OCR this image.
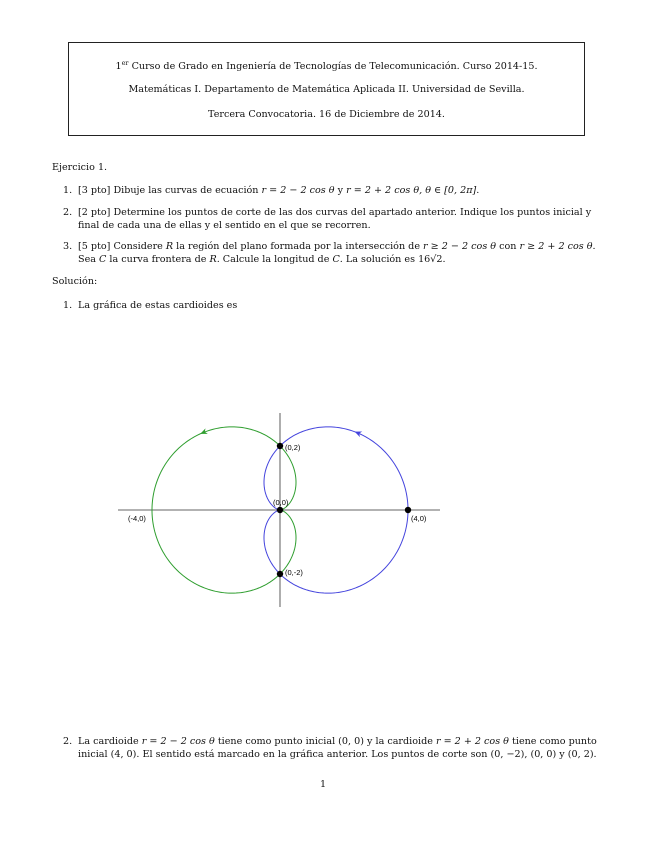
1er Curso de Grado en Ingeniería de Tecnologías de Telecomunicación. Curso 2014-15.
Matemáticas I. Departamento de Matemática Aplicada II. Universidad de Sevilla.
Tercera Convocatoria. 16 de Diciembre de 2014.
Ejercicio 1.
1. [3 pto] Dibuje las curvas de ecuación r = 2 − 2 cos θ y r = 2 + 2 cos θ, θ ∈ [0, 2π].
2. [2 pto] Determine los puntos de corte de las dos curvas del apartado anterior. Indique los puntos inicial y final de cada una de ellas y el sentido en el que se recorren.
3. [5 pto] Considere R la región del plano formada por la intersección de r ≥ 2 − 2 cos θ con r ≥ 2 + 2 cos θ. Sea C la curva frontera de R. Calcule la longitud de C. La solución es 16√2.
Solución:
1. La gráfica de estas cardioides es
(0,2)
(0,0)
(0,-2)
(4,0)
(-4,0)
2. La cardioide r = 2 − 2 cos θ tiene como punto inicial (0, 0) y la cardioide r = 2 + 2 cos θ tiene como punto inicial (4, 0). El sentido está marcado en la gráfica anterior. Los puntos de corte son (0, −2), (0, 0) y (0, 2).
1
